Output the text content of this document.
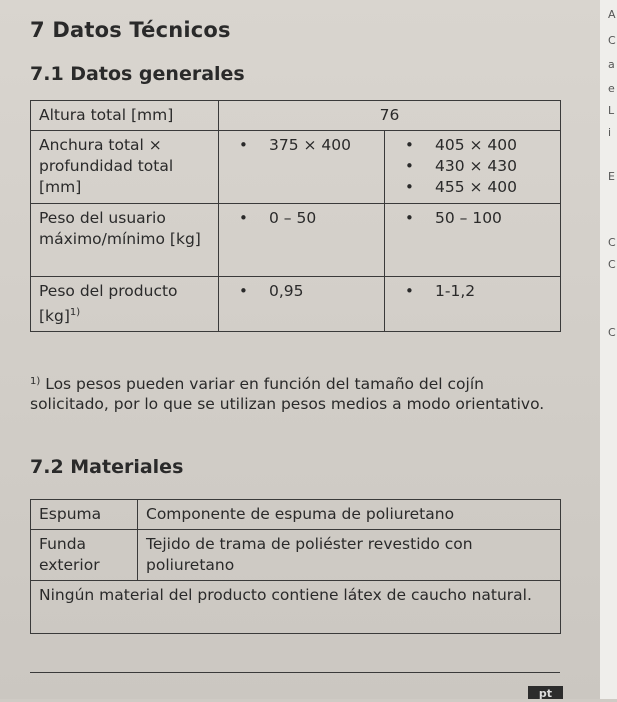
7 Datos Técnicos
7.1 Datos generales
Altura total [mm]	76	
Anchura total × profundidad total [mm]	• 375 × 400	• 405 × 400
• 430 × 430
• 455 × 400

Peso del usuario máximo/mínimo [kg]	• 0 – 50	• 50 – 100

Peso del producto [kg]$^{1)}$	• 0,95	• 1-1,2
$^{1)}$ Los pesos pueden variar en función del tamaño del cojín solicitado, por lo que se utilizan pesos medios a modo orientativo.
7.2 Materiales
Espuma	Componente de espuma de poliuretano
Funda exterior	Tejido de trama de poliéster revestido con poliuretano
Ningún material del producto contiene látex de caucho natural.	
pt
A
C
a
e
L
i
E
C
C
C
